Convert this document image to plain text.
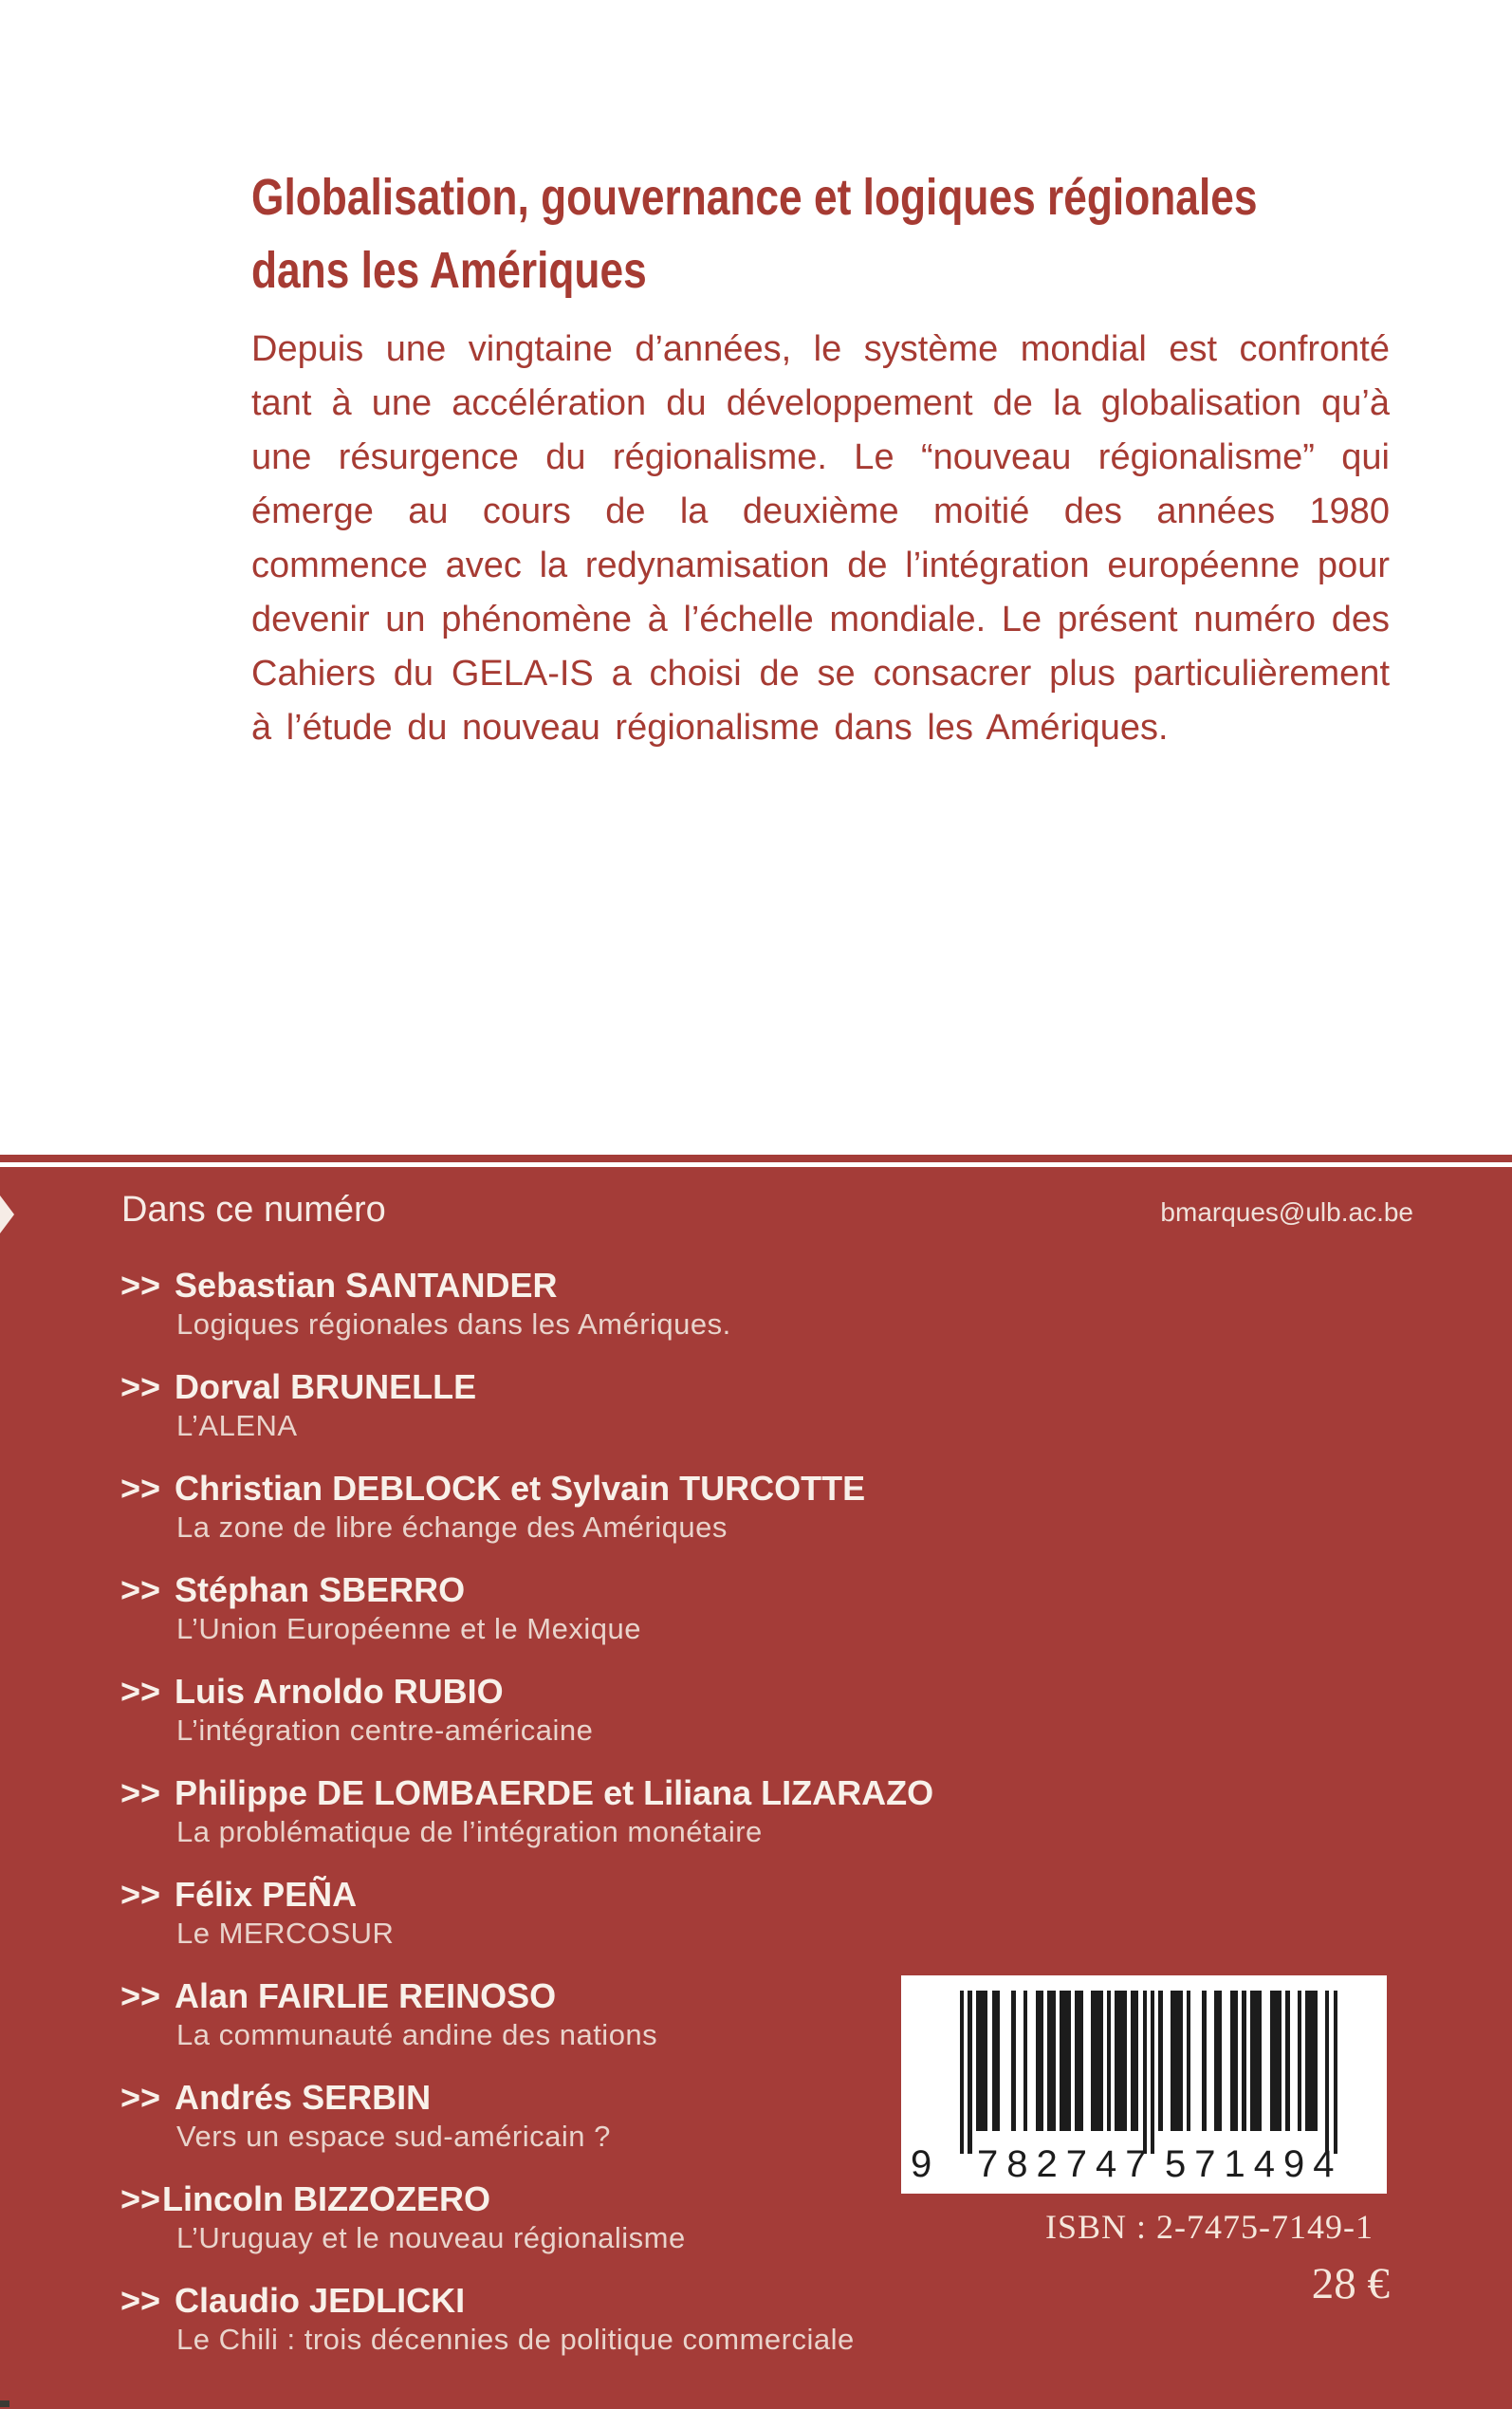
Globalisation, gouvernance et logiques régionales
dans les Amériques
Depuis une vingtaine d’années, le système mondial est confronté tant à une accélération du développement de la globalisation qu’à une résurgence du régionalisme. Le “nouveau régionalisme” qui émerge au cours de la deuxième moitié des années 1980 commence avec la redynamisation de l’intégration européenne pour devenir un phénomène à l’échelle mondiale. Le présent numéro des Cahiers du GELA-IS a choisi de se consacrer plus particulièrement à l’étude du nouveau régionalisme dans les Amériques.
Dans ce numéro	bmarques@ulb.ac.be
>> Sebastian SANTANDER
Logiques régionales dans les Amériques.
>> Dorval BRUNELLE
L’ALENA
>> Christian DEBLOCK et Sylvain TURCOTTE
La zone de libre échange des Amériques
>> Stéphan SBERRO
L’Union Européenne et le Mexique
>> Luis Arnoldo RUBIO
L’intégration centre-américaine
>> Philippe DE LOMBAERDE et Liliana LIZARAZO
La problématique de l’intégration monétaire
>> Félix PEÑA
Le MERCOSUR
>> Alan FAIRLIE REINOSO
La communauté andine des nations
>> Andrés SERBIN
Vers un espace sud-américain ?
>> Lincoln BIZZOZERO
L’Uruguay et le nouveau régionalisme
>> Claudio JEDLICKI
Le Chili : trois décennies de politique commerciale
9 782747 571494
ISBN : 2-7475-7149-1
28 €
